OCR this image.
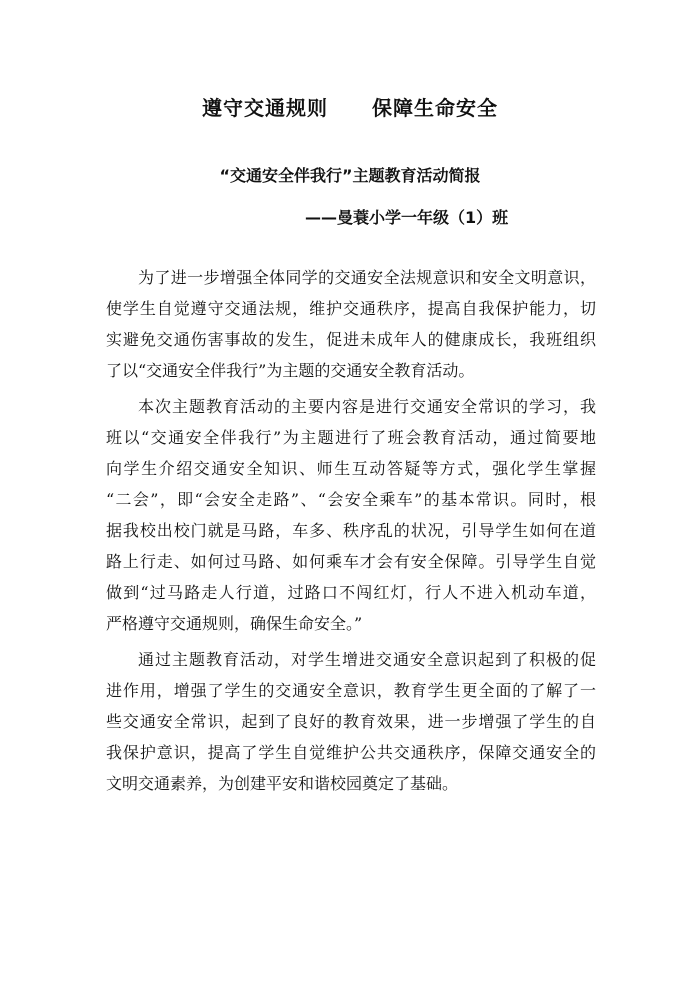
遵守交通规则 保障生命安全
“交通安全伴我行”主题教育活动简报
——曼蓑小学一年级（1）班
为了进一步增强全体同学的交通安全法规意识和安全文明意识，
使学生自觉遵守交通法规，维护交通秩序，提高自我保护能力，切
实避免交通伤害事故的发生，促进未成年人的健康成长，我班组织
了以“交通安全伴我行”为主题的交通安全教育活动。
本次主题教育活动的主要内容是进行交通安全常识的学习，我
班以“交通安全伴我行”为主题进行了班会教育活动，通过简要地
向学生介绍交通安全知识、师生互动答疑等方式，强化学生掌握
“二会”，即“会安全走路”、“会安全乘车”的基本常识。同时，根
据我校出校门就是马路，车多、秩序乱的状况，引导学生如何在道
路上行走、如何过马路、如何乘车才会有安全保障。引导学生自觉
做到“过马路走人行道，过路口不闯红灯，行人不进入机动车道，
严格遵守交通规则，确保生命安全。”
通过主题教育活动，对学生增进交通安全意识起到了积极的促
进作用，增强了学生的交通安全意识，教育学生更全面的了解了一
些交通安全常识，起到了良好的教育效果，进一步增强了学生的自
我保护意识，提高了学生自觉维护公共交通秩序，保障交通安全的
文明交通素养，为创建平安和谐校园奠定了基础。
